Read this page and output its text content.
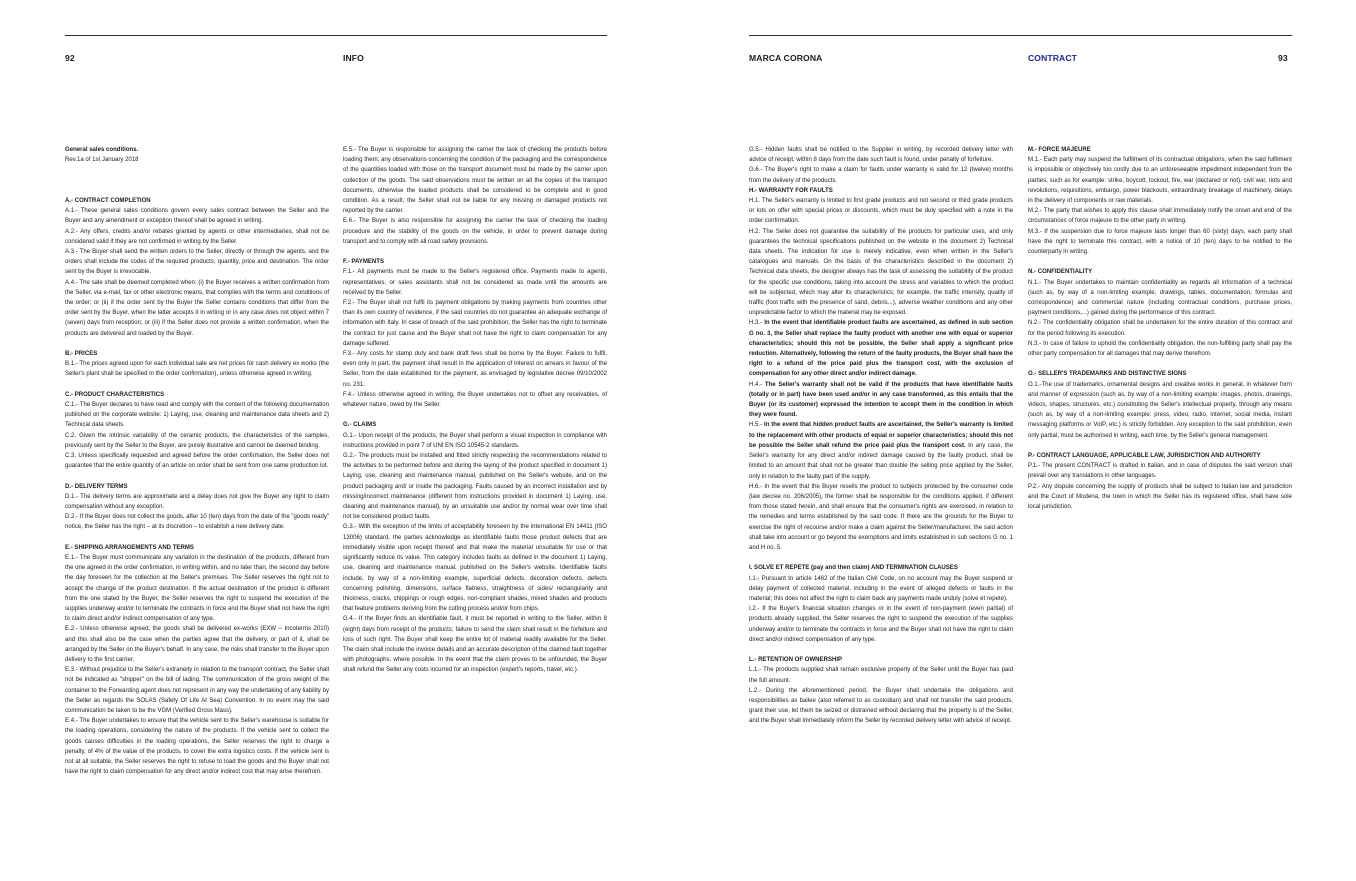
92	INFO	MARCA CORONA	CONTRACT	93

General sales conditions.

Rev.1a of 1st January 2018

A.- CONTRACT COMPLETION

A.1.- These general sales conditions govern every sales contract between the Seller and the Buyer and any amendment or exception thereof shall be agreed in writing.

A.2.- Any offers, credits and/or rebates granted by agents or other intermediaries, shall not be considered valid if they are not confirmed in writing by the Seller.

A.3.- The Buyer shall send the written orders to the Seller, directly or through the agents, and the orders shall include the codes of the required products, quantity, price and destination. The order sent by the Buyer is irrevocable.

A.4.- The sale shall be deemed completed when: (i) the Buyer receives a written confirmation from the Seller, via e-mail, fax or other electronic means, that complies with the terms and conditions of the order; or (ii) if the order sent by the Buyer the Seller contains conditions that differ from the order sent by the Buyer, when the latter accepts it in writing or in any case does not object within 7 (seven) days from reception; or (iii) if the Seller does not provide a written confirmation, when the products are delivered and loaded by the Buyer.

B.- PRICES

B.1.- The prices agreed upon for each individual sale are net prices for cash delivery ex works (the Seller's plant shall be specified in the order confirmation), unless otherwise agreed in writing.

C.- PRODUCT CHARACTERISTICS

C.1.- The Buyer declares to have read and comply with the content of the following documentation published on the corporate website: 1) Laying, use, cleaning and maintenance data sheets and 2) Technical data sheets.

C.2. Given the intrinsic variability of the ceramic products, the characteristics of the samples, previously sent by the Seller to the Buyer, are purely illustrative and cannot be deemed binding.

C.3. Unless specifically requested and agreed before the order confirmation, the Seller does not guarantee that the entire quantity of an article on order shall be sent from one same production lot.

D.- DELIVERY TERMS

D.1.- The delivery terms are approximate and a delay does not give the Buyer any right to claim compensation without any exception.

D.2.- If the Buyer does not collect the goods, after 10 (ten) days from the date of the "goods ready" notice, the Seller has the right – at its discretion – to establish a new delivery date.

E.- SHIPPING ARRANGEMENTS AND TERMS

E.1.- The Buyer must communicate any variation in the destination of the products, different from the one agreed in the order confirmation, in writing within, and no later than, the second day before the day foreseen for the collection at the Seller's premises. The Seller reserves the right not to accept the change of the product destination. If the actual destination of the product is different from the one stated by the Buyer, the Seller reserves the right to suspend the execution of the supplies underway and/or to terminate the contracts in force and the Buyer shall not have the right to claim direct and/or indirect compensation of any type.

E.2.- Unless otherwise agreed, the goods shall be delivered ex-works (EXW – Incoterms 2010) and this shall also be the case when the parties agree that the delivery, or part of it, shall be arranged by the Seller on the Buyer's behalf. In any case, the risks shall transfer to the Buyer upon delivery to the first carrier.

E.3.- Without prejudice to the Seller's extraneity in relation to the transport contract, the Seller shall not be indicated as "shipper" on the bill of lading. The communication of the gross weight of the container to the Forwarding agent does not represent in any way the undertaking of any liability by the Seller as regards the SOLAS (Safety Of Life At Sea) Convention. In no event may the said communication be taken to be the VGM (Verified Gross Mass).

E.4.- The Buyer undertakes to ensure that the vehicle sent to the Seller's warehouse is suitable for the loading operations, considering the nature of the products. If the vehicle sent to collect the goods causes difficulties in the loading operations, the Seller reserves the right to charge a penalty, of 4% of the value of the products, to cover the extra logistics costs. If the vehicle sent is not at all suitable, the Seller reserves the right to refuse to load the goods and the Buyer shall not have the right to claim compensation for any direct and/or indirect cost that may arise therefrom.

E.5.- The Buyer is responsible for assigning the carrier the task of checking the products before loading them; any observations concerning the condition of the packaging and the correspondence of the quantities loaded with those on the transport document must be made by the carrier upon collection of the goods. The said observations must be written on all the copies of the transport documents, otherwise the loaded products shall be considered to be complete and in good condition. As a result, the Seller shall not be liable for any missing or damaged products not reported by the carrier.

E.6.- The Buyer is also responsible for assigning the carrier the task of checking the loading procedure and the stability of the goods on the vehicle, in order to prevent damage during transport and to comply with all road safety provisions.

F.- PAYMENTS

F.1.- All payments must be made to the Seller's registered office. Payments made to agents, representatives, or sales assistants shall not be considered as made until the amounts are received by the Seller.

F.2.- The Buyer shall not fulfil its payment obligations by making payments from countries other than its own country of residence, if the said countries do not guarantee an adequate exchange of information with Italy. In case of breach of the said prohibition, the Seller has the right to terminate the contract for just cause and the Buyer shall not have the right to claim compensation for any damage suffered.

F.3.- Any costs for stamp duty and bank draft fees shall be borne by the Buyer. Failure to fulfil, even only in part, the payment shall result in the application of interest on arrears in favour of the Seller, from the date established for the payment, as envisaged by legislative decree 09/10/2002 no. 231.

F.4.- Unless otherwise agreed in writing, the Buyer undertakes not to offset any receivables, of whatever nature, owed by the Seller.

G.- CLAIMS

G.1.- Upon receipt of the products, the Buyer shall perform a visual inspection in compliance with instructions provided in point 7 of UNI EN ISO 10545-2 standards.

G.2.- The products must be installed and fitted strictly respecting the recommendations related to the activities to be performed before and during the laying of the product specified in document 1) Laying, use, cleaning and maintenance manual, published on the Seller's website, and on the product packaging and/ or inside the packaging. Faults caused by an incorrect installation and by missing/incorrect maintenance (different from instructions provided in document 1) Laying, use, cleaning and maintenance manual), by an unsuitable use and/or by normal wear over time shall not be considered product faults.

G.3.- With the exception of the limits of acceptability foreseen by the international EN 14411 (ISO 13006) standard, the parties acknowledge as identifiable faults those product defects that are immediately visible upon receipt thereof and that make the material unsuitable for use or that significantly reduce its value. This category includes faults as defined in the document 1) Laying, use, cleaning and maintenance manual, published on the Seller's website. Identifiable faults include, by way of a non-limiting example, superficial defects, decoration defects, defects concerning polishing, dimensions, surface flatness, straightness of sides/ rectangularity and thickness, cracks, chippings or rough edges, non-compliant shades, mixed shades and products that feature problems deriving from the cutting process and/or from chips.

G.4.- If the Buyer finds an identifiable fault, it must be reported in writing to the Seller, within 8 (eight) days from receipt of the products; failure to send the claim shall result in the forfeiture and loss of such right. The Buyer shall keep the entire lot of material readily available for the Seller. The claim shall include the invoice details and an accurate description of the claimed fault together with photographs, where possible. In the event that the claim proves to be unfounded, the Buyer shall refund the Seller any costs incurred for an inspection (expert's reports, travel, etc.).

G.5.- Hidden faults shall be notified to the Supplier in writing, by recorded delivery letter with advice of receipt, within 8 days from the date such fault is found, under penalty of forfeiture.

G.6.- The Buyer's right to make a claim for faults under warranty is valid for 12 (twelve) months from the delivery of the products.

H.- WARRANTY FOR FAULTS

H.1. The Seller's warranty is limited to first grade products and not second or third grade products or lots on offer with special prices or discounts, which must be duly specified with a note in the order confirmation.

H.2. The Seller does not guarantee the suitability of the products for particular uses, and only guarantees the technical specifications published on the website in the document 2) Technical data sheets. The indication for use is merely indicative, even when written in the Seller's catalogues and manuals. On the basis of the characteristics described in the document 2) Technical data sheets, the designer always has the task of assessing the suitability of the product for the specific use conditions, taking into account the stress and variables to which the product will be subjected, which may alter its characteristics; for example, the traffic intensity, quality of traffic (foot traffic with the presence of sand, debris...), adverse weather conditions and any other unpredictable factor to which the material may be exposed.

H.3.- In the event that identifiable product faults are ascertained, as defined in sub section G no. 3, the Seller shall replace the faulty product with another one with equal or superior characteristics; should this not be possible, the Seller shall apply a significant price reduction. Alternatively, following the return of the faulty products, the Buyer shall have the right to a refund of the price paid plus the transport cost, with the exclusion of compensation for any other direct and/or indirect damage.

H.4.- The Seller's warranty shall not be valid if the products that have identifiable faults (totally or in part) have been used and/or in any case transformed, as this entails that the Buyer (or its customer) expressed the intention to accept them in the condition in which they were found.

H.5.- In the event that hidden product faults are ascertained, the Seller's warranty is limited to the replacement with other products of equal or superior characteristics; should this not be possible the Seller shall refund the price paid plus the transport cost. In any case, the Seller's warranty for any direct and/or indirect damage caused by the faulty product, shall be limited to an amount that shall not be greater than double the selling price applied by the Seller, only in relation to the faulty part of the supply.

H.6.- In the event that the Buyer resells the product to subjects protected by the consumer code (law decree no. 206/2005), the former shall be responsible for the conditions applied, if different from those stated herein, and shall ensure that the consumer's rights are exercised, in relation to the remedies and terms established by the said code. If there are the grounds for the Buyer to exercise the right of recourse and/or make a claim against the Seller/manufacturer, the said action shall take into account or go beyond the exemptions and limits established in sub sections G no. 1 and H no. 5.

I. SOLVE ET REPETE (pay and then claim) AND TERMINATION CLAUSES

I.1.- Pursuant to article 1462 of the Italian Civil Code, on no account may the Buyer suspend or delay payment of collected material, including in the event of alleged defects or faults in the material; this does not affect the right to claim back any payments made unduly (solve et repete).

I.2.- If the Buyer's financial situation changes or in the event of non-payment (even partial) of products already supplied, the Seller reserves the right to suspend the execution of the supplies underway and/or to terminate the contracts in force and the Buyer shall not have the right to claim direct and/or indirect compensation of any type.

L.- RETENTION OF OWNERSHIP

L.1.- The products supplied shall remain exclusive property of the Seller until the Buyer has paid the full amount.

L.2.- During the aforementioned period, the Buyer shall undertake the obligations and responsibilities as bailee (also referred to as custodian) and shall not transfer the said products, grant their use, let them be seized or distrained without declaring that the property is of the Seller, and the Buyer shall immediately inform the Seller by recorded delivery letter with advice of receipt.

M.- FORCE MAJEURE

M.1.- Each party may suspend the fulfilment of its contractual obligations, when the said fulfilment is impossible or objectively too costly due to an unforeseeable impediment independent from the parties, such as for example: strike, boycott, lockout, fire, war (declared or not), civil war, riots and revolutions, requisitions, embargo, power blackouts, extraordinary breakage of machinery, delays in the delivery of components or raw materials.

M.2.- The party that wishes to apply this clause shall immediately notify the onset and end of the circumstances of force majeure to the other party in writing.

M.3.- If the suspension due to force majeure lasts longer than 60 (sixty) days, each party shall have the right to terminate this contract, with a notice of 10 (ten) days to be notified to the counterparty in writing.

N.- CONFIDENTIALITY

N.1.- The Buyer undertakes to maintain confidentiality as regards all information of a technical (such as, by way of a non-limiting example, drawings, tables, documentation, formulas and correspondence) and commercial nature (including contractual conditions, purchase prices, payment conditions,...) gained during the performance of this contract.

N.2.- The confidentiality obligation shall be undertaken for the entire duration of this contract and for the period following its execution.

N.3.- In case of failure to uphold the confidentiality obligation, the non-fulfilling party shall pay the other party compensation for all damages that may derive therefrom.

O.- SELLER'S TRADEMARKS AND DISTINCTIVE SIGNS

O.1.-The use of trademarks, ornamental designs and creative works in general, in whatever form and manner of expression (such as, by way of a non-limiting example: images, photos, drawings, videos, shapes, structures, etc.) constituting the Seller's intellectual property, through any means (such as, by way of a non-limiting example: press, video, radio, internet, social media, instant messaging platforms or VoIP, etc.) is strictly forbidden. Any exception to the said prohibition, even only partial, must be authorised in writing, each time, by the Seller's general management.

P.- CONTRACT LANGUAGE, APPLICABLE LAW, JURISDICTION AND AUTHORITY

P.1.- The present CONTRACT is drafted in Italian, and in case of disputes the said version shall prevail over any translations in other languages.

P.2.- Any dispute concerning the supply of products shall be subject to Italian law and jurisdiction and the Court of Modena, the town in which the Seller has its registered office, shall have sole local jurisdiction.
